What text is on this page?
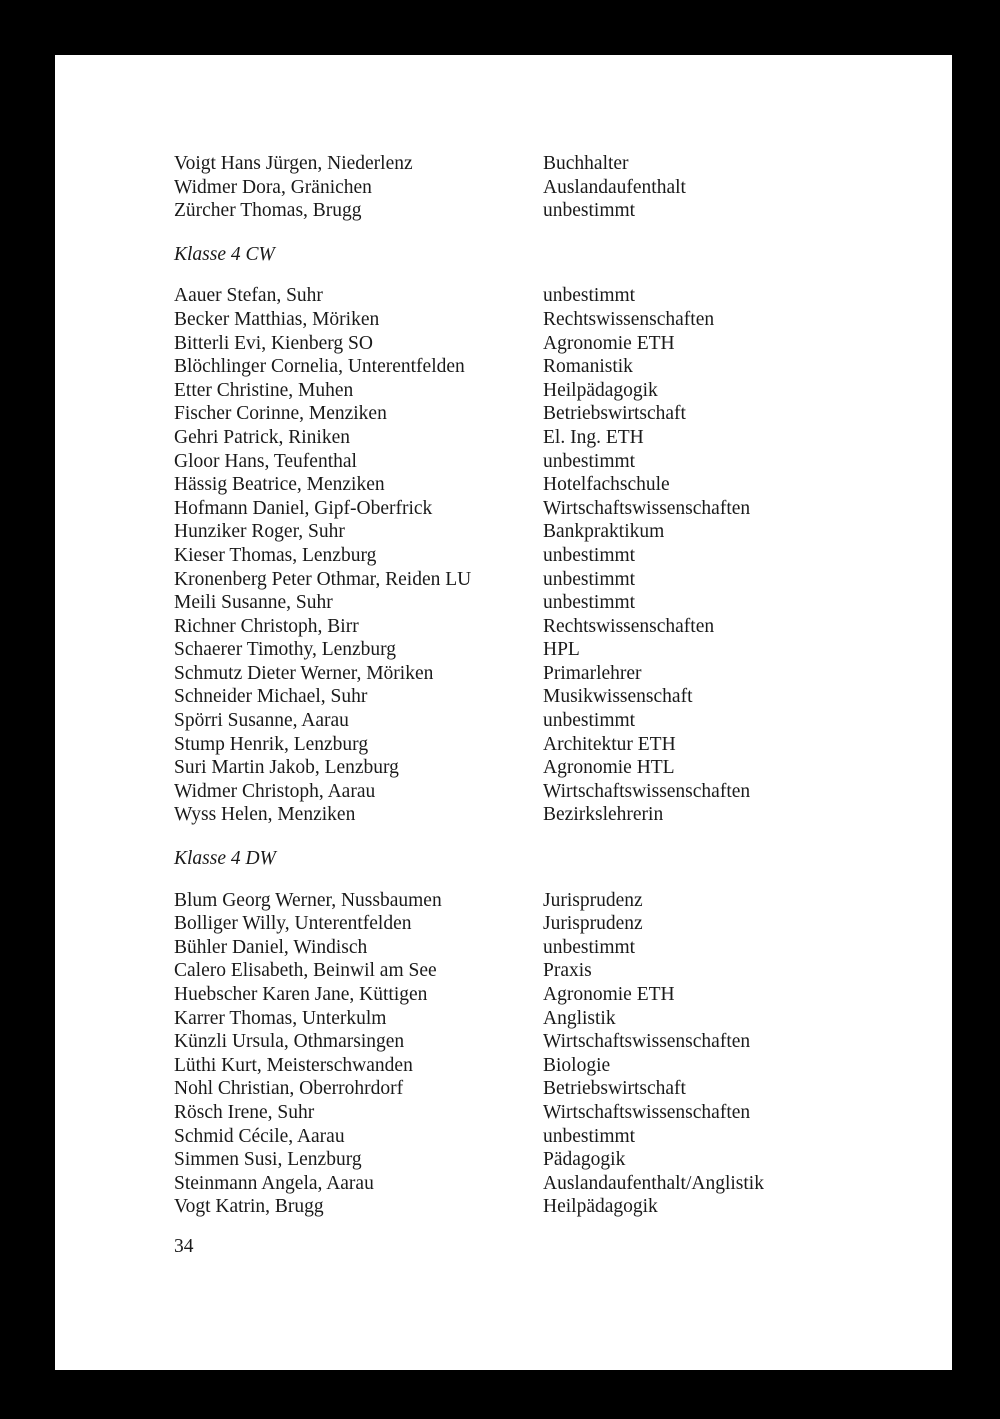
Voigt Hans Jürgen, Niederlenz	Buchhalter
Widmer Dora, Gränichen	Auslandaufenthalt
Zürcher Thomas, Brugg	unbestimmt
Klasse 4 CW
Aauer Stefan, Suhr	unbestimmt
Becker Matthias, Möriken	Rechtswissenschaften
Bitterli Evi, Kienberg SO	Agronomie ETH
Blöchlinger Cornelia, Unterentfelden	Romanistik
Etter Christine, Muhen	Heilpädagogik
Fischer Corinne, Menziken	Betriebswirtschaft
Gehri Patrick, Riniken	El. Ing. ETH
Gloor Hans, Teufenthal	unbestimmt
Hässig Beatrice, Menziken	Hotelfachschule
Hofmann Daniel, Gipf-Oberfrick	Wirtschaftswissenschaften
Hunziker Roger, Suhr	Bankpraktikum
Kieser Thomas, Lenzburg	unbestimmt
Kronenberg Peter Othmar, Reiden LU	unbestimmt
Meili Susanne, Suhr	unbestimmt
Richner Christoph, Birr	Rechtswissenschaften
Schaerer Timothy, Lenzburg	HPL
Schmutz Dieter Werner, Möriken	Primarlehrer
Schneider Michael, Suhr	Musikwissenschaft
Spörri Susanne, Aarau	unbestimmt
Stump Henrik, Lenzburg	Architektur ETH
Suri Martin Jakob, Lenzburg	Agronomie HTL
Widmer Christoph, Aarau	Wirtschaftswissenschaften
Wyss Helen, Menziken	Bezirkslehrerin
Klasse 4 DW
Blum Georg Werner, Nussbaumen	Jurisprudenz
Bolliger Willy, Unterentfelden	Jurisprudenz
Bühler Daniel, Windisch	unbestimmt
Calero Elisabeth, Beinwil am See	Praxis
Huebscher Karen Jane, Küttigen	Agronomie ETH
Karrer Thomas, Unterkulm	Anglistik
Künzli Ursula, Othmarsingen	Wirtschaftswissenschaften
Lüthi Kurt, Meisterschwanden	Biologie
Nohl Christian, Oberrohrdorf	Betriebswirtschaft
Rösch Irene, Suhr	Wirtschaftswissenschaften
Schmid Cécile, Aarau	unbestimmt
Simmen Susi, Lenzburg	Pädagogik
Steinmann Angela, Aarau	Auslandaufenthalt/Anglistik
Vogt Katrin, Brugg	Heilpädagogik
34
